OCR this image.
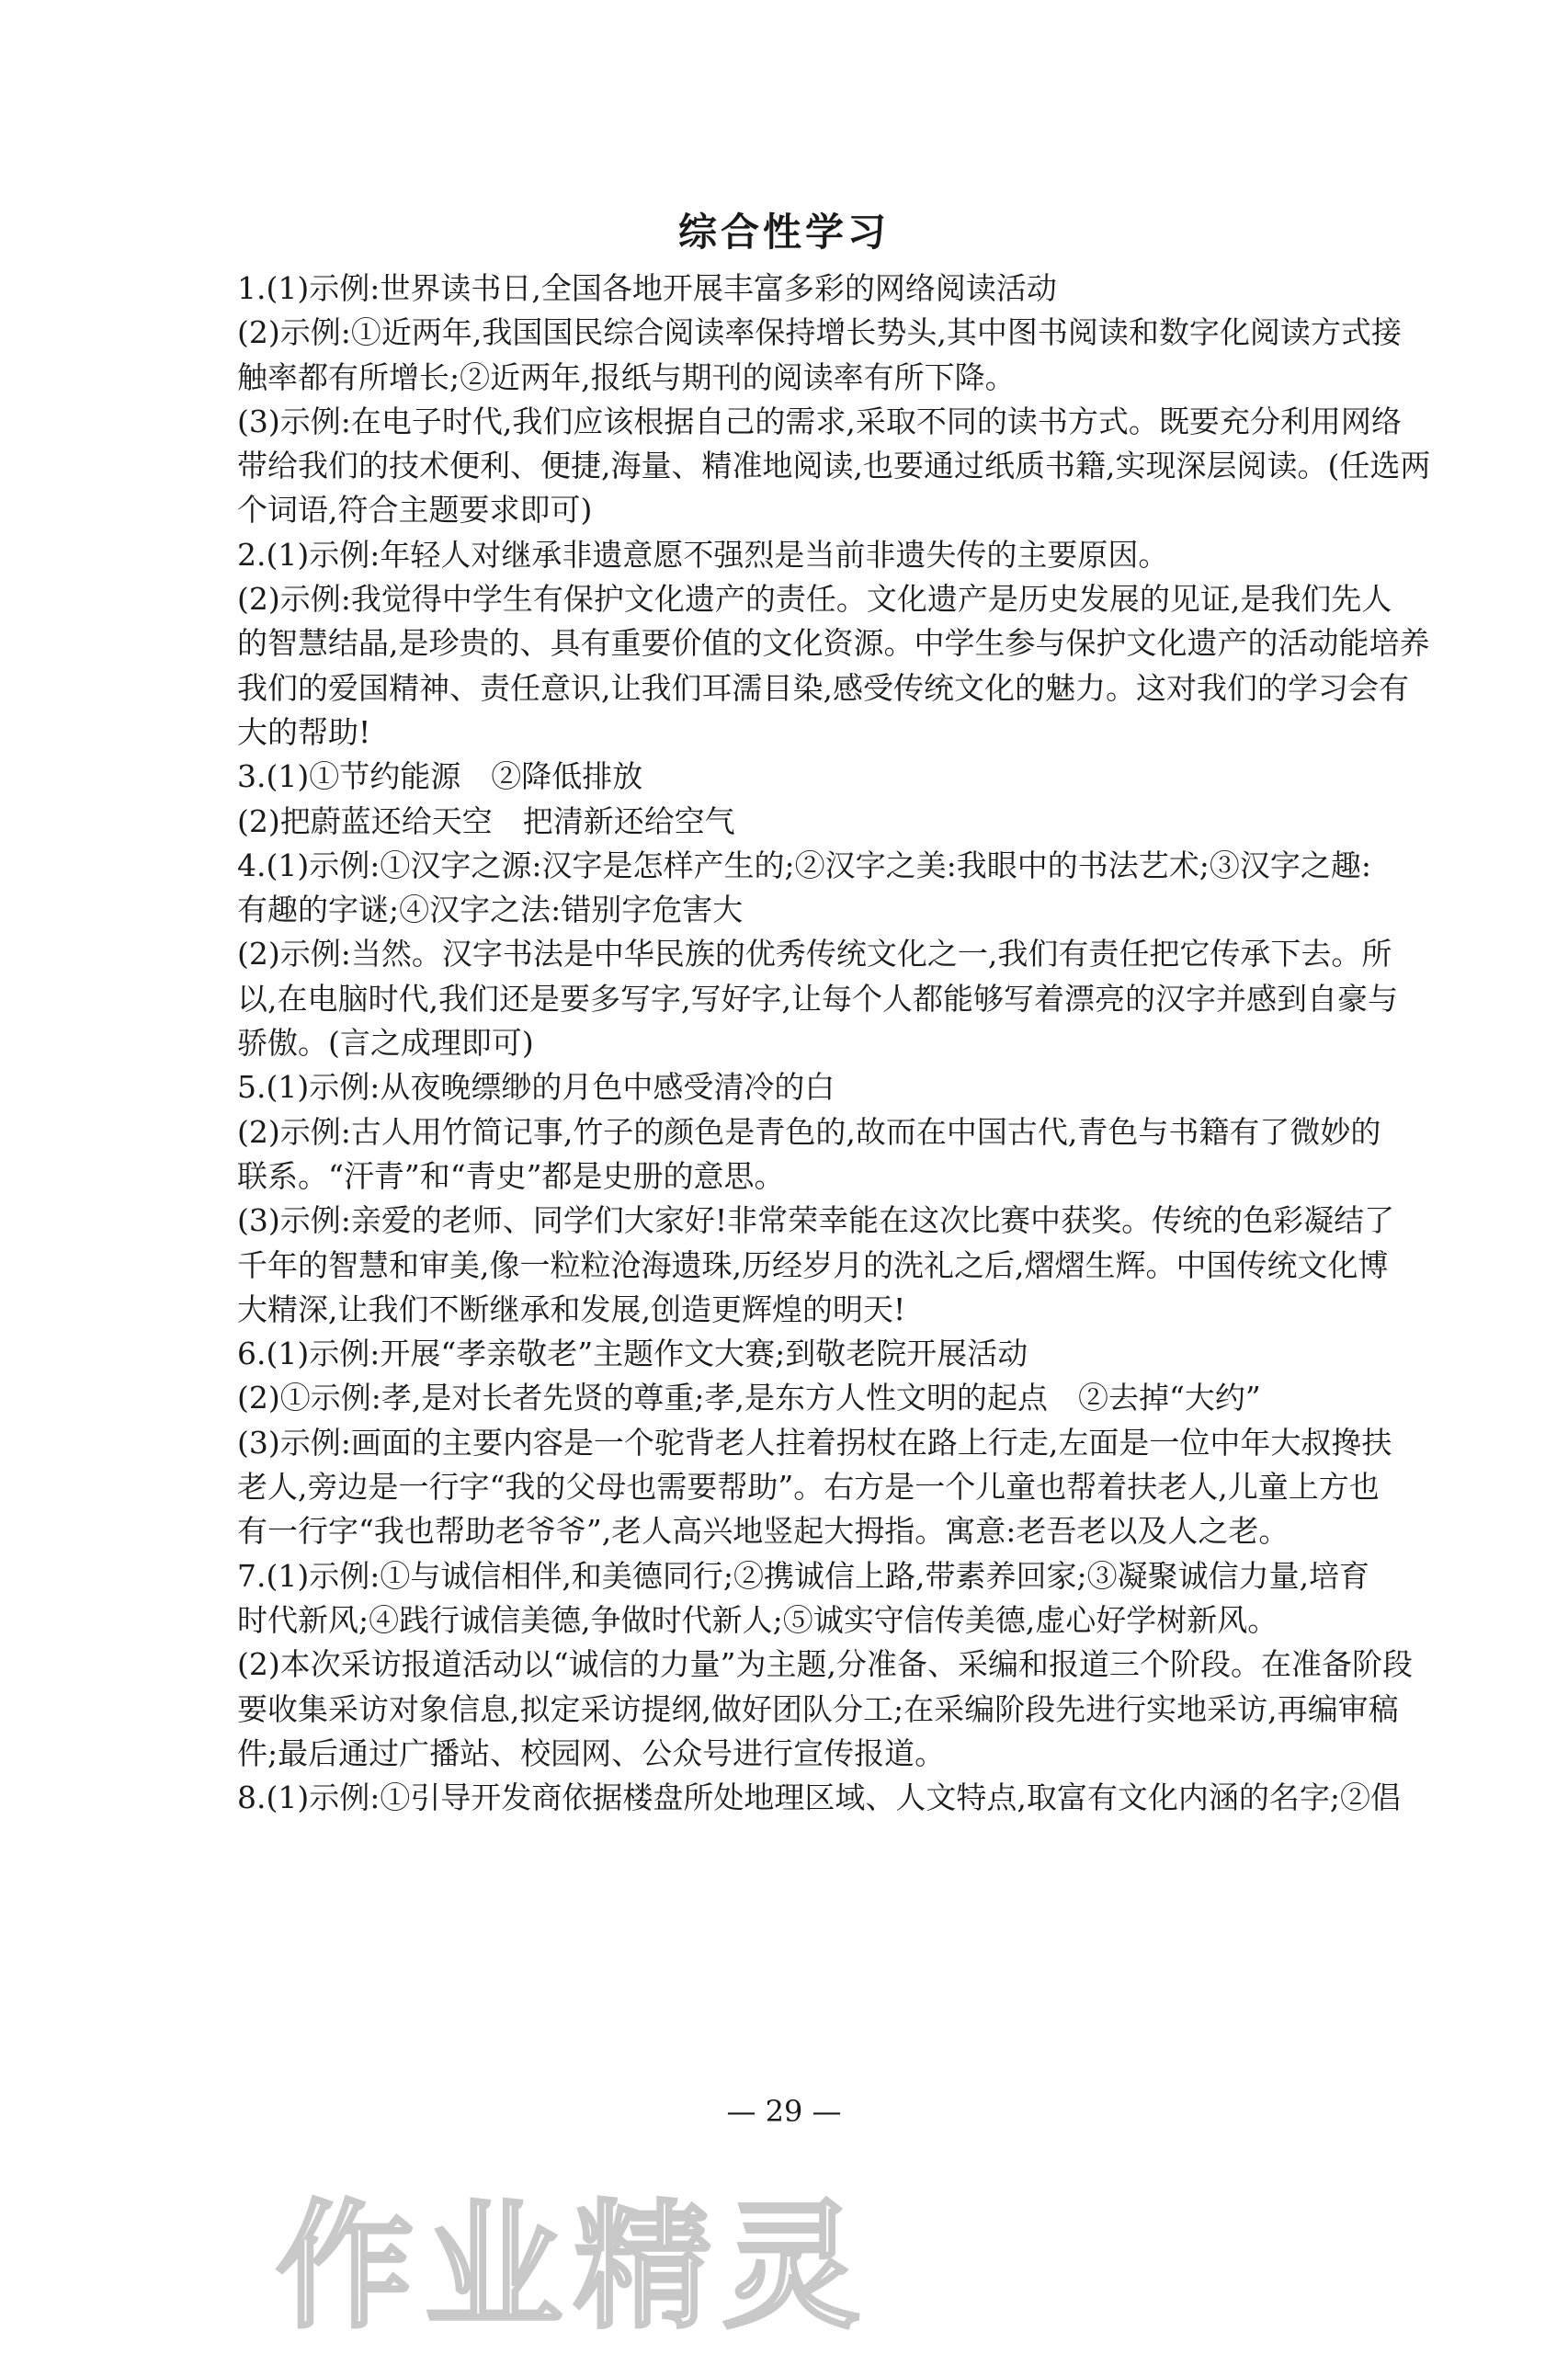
综合性学习
1.(1)示例:世界读书日,全国各地开展丰富多彩的网络阅读活动
(2)示例:①近两年,我国国民综合阅读率保持增长势头,其中图书阅读和数字化阅读方式接
触率都有所增长;②近两年,报纸与期刊的阅读率有所下降。
(3)示例:在电子时代,我们应该根据自己的需求,采取不同的读书方式。既要充分利用网络
带给我们的技术便利、便捷,海量、精准地阅读,也要通过纸质书籍,实现深层阅读。(任选两
个词语,符合主题要求即可)
2.(1)示例:年轻人对继承非遗意愿不强烈是当前非遗失传的主要原因。
(2)示例:我觉得中学生有保护文化遗产的责任。文化遗产是历史发展的见证,是我们先人
的智慧结晶,是珍贵的、具有重要价值的文化资源。中学生参与保护文化遗产的活动能培养
我们的爱国精神、责任意识,让我们耳濡目染,感受传统文化的魅力。这对我们的学习会有
大的帮助!
3.(1)①节约能源　②降低排放
(2)把蔚蓝还给天空　把清新还给空气
4.(1)示例:①汉字之源:汉字是怎样产生的;②汉字之美:我眼中的书法艺术;③汉字之趣:
有趣的字谜;④汉字之法:错别字危害大
(2)示例:当然。汉字书法是中华民族的优秀传统文化之一,我们有责任把它传承下去。所
以,在电脑时代,我们还是要多写字,写好字,让每个人都能够写着漂亮的汉字并感到自豪与
骄傲。(言之成理即可)
5.(1)示例:从夜晚缥缈的月色中感受清冷的白
(2)示例:古人用竹简记事,竹子的颜色是青色的,故而在中国古代,青色与书籍有了微妙的
联系。“汗青”和“青史”都是史册的意思。
(3)示例:亲爱的老师、同学们大家好!非常荣幸能在这次比赛中获奖。传统的色彩凝结了
千年的智慧和审美,像一粒粒沧海遗珠,历经岁月的洗礼之后,熠熠生辉。中国传统文化博
大精深,让我们不断继承和发展,创造更辉煌的明天!
6.(1)示例:开展“孝亲敬老”主题作文大赛;到敬老院开展活动
(2)①示例:孝,是对长者先贤的尊重;孝,是东方人性文明的起点　②去掉“大约”
(3)示例:画面的主要内容是一个驼背老人拄着拐杖在路上行走,左面是一位中年大叔搀扶
老人,旁边是一行字“我的父母也需要帮助”。右方是一个儿童也帮着扶老人,儿童上方也
有一行字“我也帮助老爷爷”,老人高兴地竖起大拇指。寓意:老吾老以及人之老。
7.(1)示例:①与诚信相伴,和美德同行;②携诚信上路,带素养回家;③凝聚诚信力量,培育
时代新风;④践行诚信美德,争做时代新人;⑤诚实守信传美德,虚心好学树新风。
(2)本次采访报道活动以“诚信的力量”为主题,分准备、采编和报道三个阶段。在准备阶段
要收集采访对象信息,拟定采访提纲,做好团队分工;在采编阶段先进行实地采访,再编审稿
件;最后通过广播站、校园网、公众号进行宣传报道。
8.(1)示例:①引导开发商依据楼盘所处地理区域、人文特点,取富有文化内涵的名字;②倡
— 29 —
作业精灵
